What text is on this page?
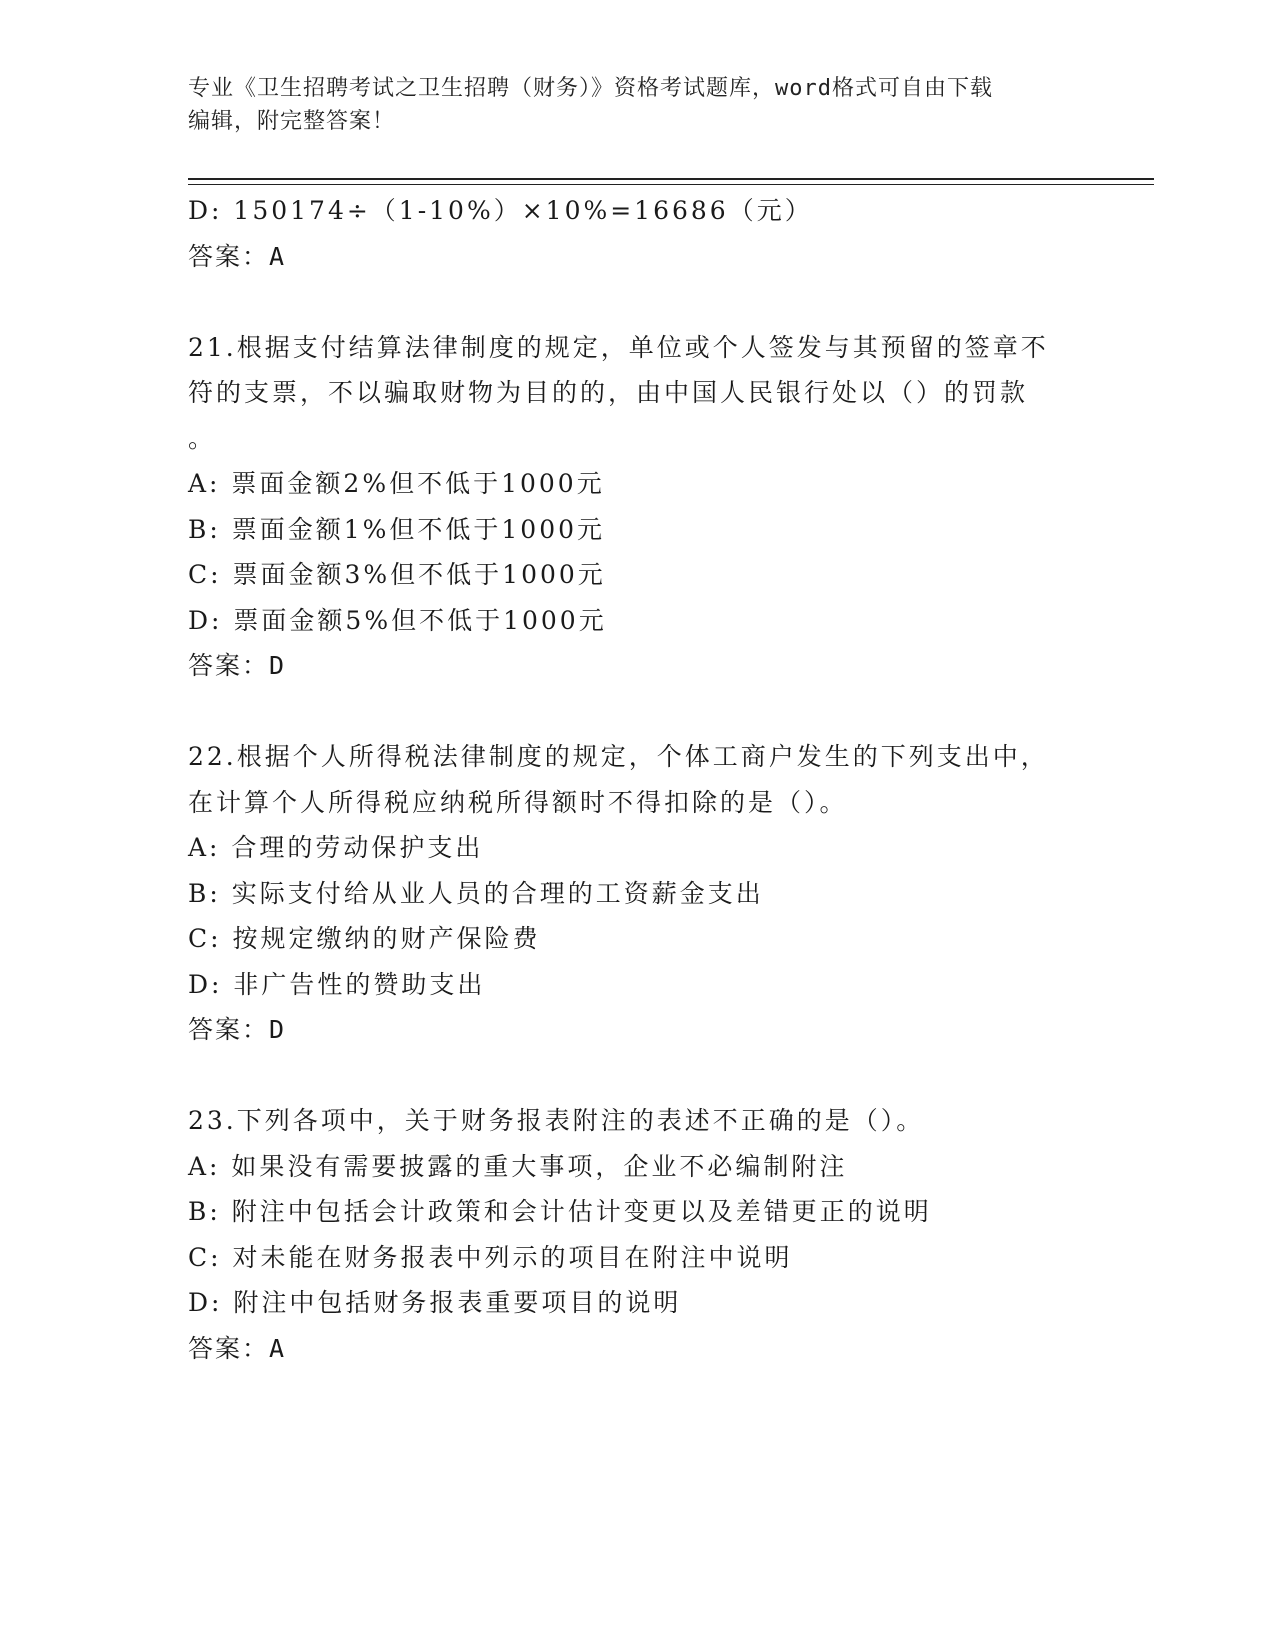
专业《卫生招聘考试之卫生招聘（财务）》资格考试题库，word格式可自由下载
编辑，附完整答案！
D: 150174÷（1-10%）×10%=16686（元）
答案：A
21.根据支付结算法律制度的规定，单位或个人签发与其预留的签章不
符的支票，不以骗取财物为目的的，由中国人民银行处以（）的罚款
。
A: 票面金额2%但不低于1000元
B: 票面金额1%但不低于1000元
C: 票面金额3%但不低于1000元
D: 票面金额5%但不低于1000元
答案：D
22.根据个人所得税法律制度的规定，个体工商户发生的下列支出中，
在计算个人所得税应纳税所得额时不得扣除的是（）。
A: 合理的劳动保护支出
B: 实际支付给从业人员的合理的工资薪金支出
C: 按规定缴纳的财产保险费
D: 非广告性的赞助支出
答案：D
23.下列各项中，关于财务报表附注的表述不正确的是（）。
A: 如果没有需要披露的重大事项，企业不必编制附注
B: 附注中包括会计政策和会计估计变更以及差错更正的说明
C: 对未能在财务报表中列示的项目在附注中说明
D: 附注中包括财务报表重要项目的说明
答案：A
